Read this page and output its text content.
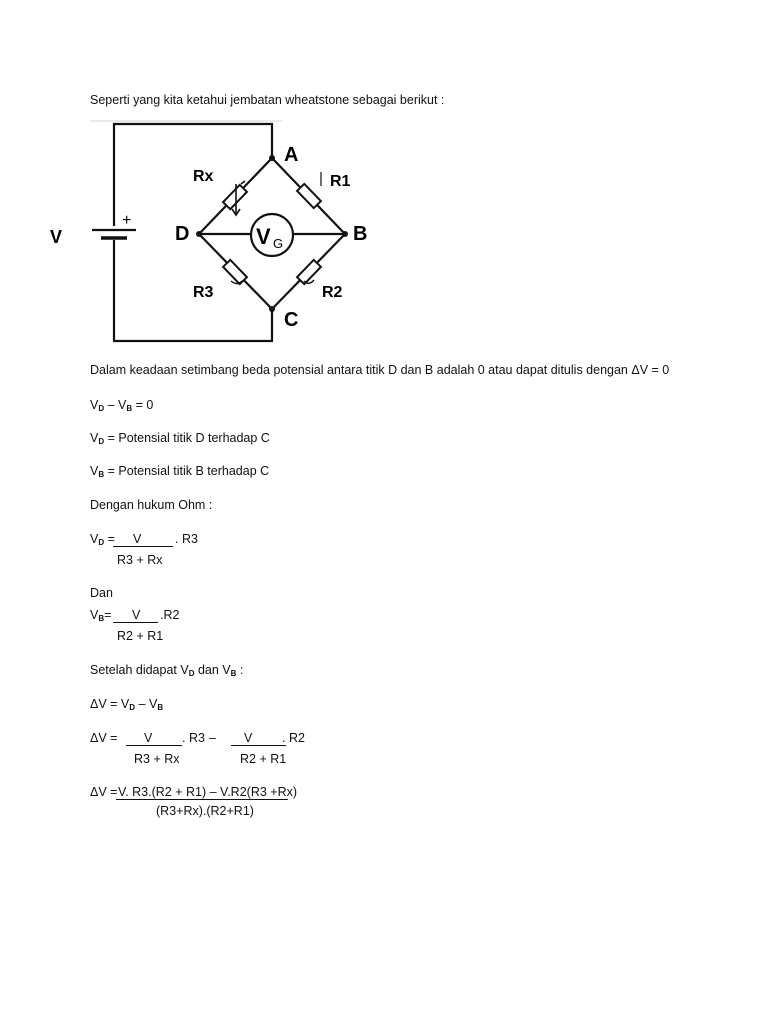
Seperti yang kita ketahui jembatan wheatstone sebagai berikut :
+
V	V G
A
B
C
D
Rx	R1
R3	R2
Dalam keadaan setimbang beda potensial antara titik D dan B adalah 0 atau dapat ditulis dengan ΔV = 0
$V_D - V_B = 0$
$V_D$ = Potensial titik D terhadap C
$V_B$ = Potensial titik B terhadap C
Dengan hukum Ohm :
$V_D = V$	. R3
R3 + Rx
Dan
$V_B= V$ .R2
R2 + R1
Setelah didapat $V_D$ dan $V_B$ :
$\Delta V = V_D - V_B$
ΔV = V . R3 – V . R2
R3 + Rx	R2 + R1
ΔV = V. R3.(R2 + R1) – V.R2(R3 +Rx)
(R3+Rx).(R2+R1)
